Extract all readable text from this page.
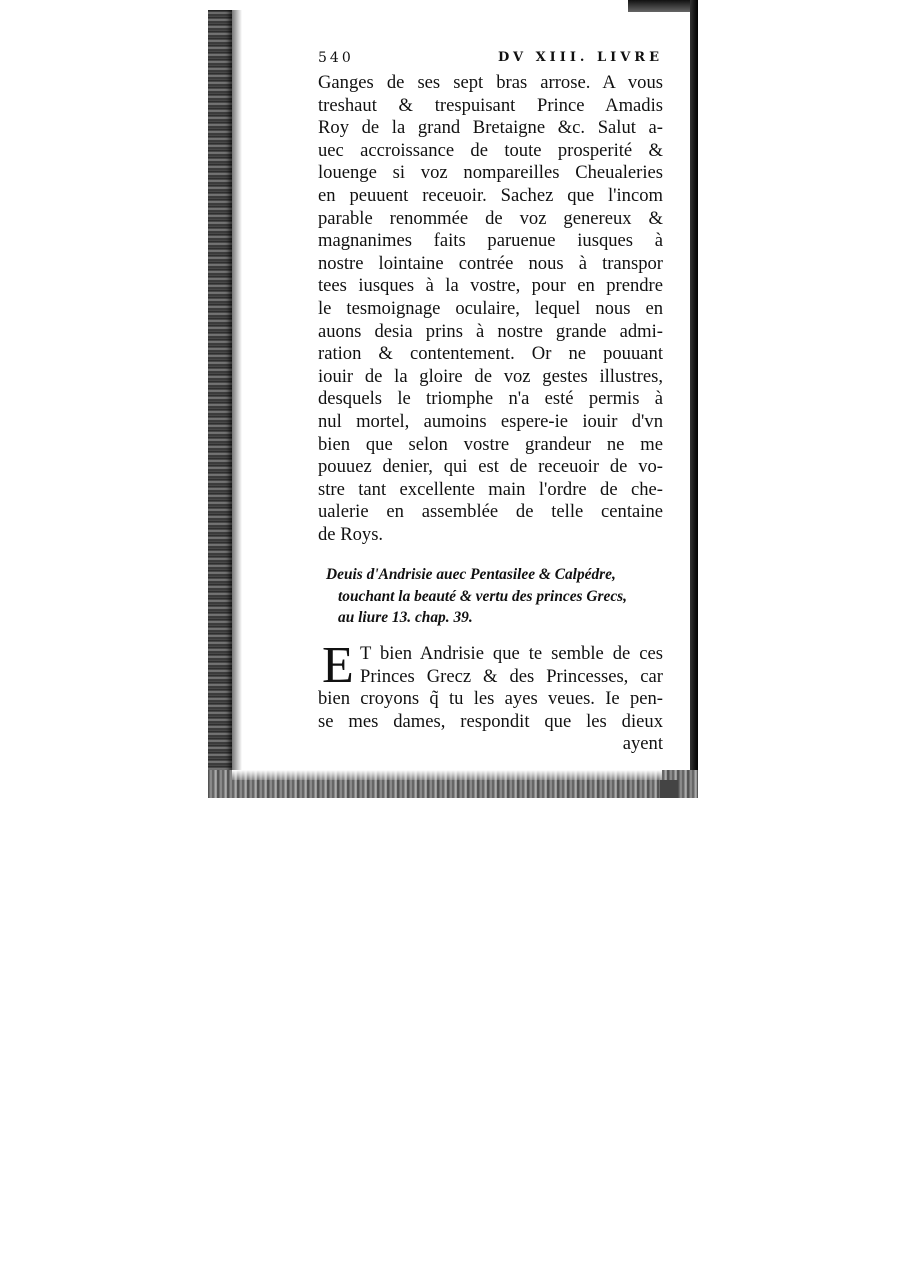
540	DV XIII. LIVRE
Ganges de ses sept bras arrose. A vous
treshaut & trespuisant Prince Amadis
Roy de la grand Bretaigne &c. Salut a-
uec accroissance de toute prosperité &
louenge si voz nompareilles Cheualeries
en peuuent receuoir. Sachez que l'incom
parable renommée de voz genereux &
magnanimes faits paruenue iusques à
nostre lointaine contrée nous à transpor
tees iusques à la vostre, pour en prendre
le tesmoignage oculaire, lequel nous en
auons desia prins à nostre grande admi-
ration & contentement. Or ne pouuant
iouir de la gloire de voz gestes illustres,
desquels le triomphe n'a esté permis à
nul mortel, aumoins espere-ie iouir d'vn
bien que selon vostre grandeur ne me
pouuez denier, qui est de receuoir de vo-
stre tant excellente main l'ordre de che-
ualerie en assemblée de telle centaine
de Roys.
Deuis d'Andrisie auec Pentasilee & Calpédre,
touchant la beauté & vertu des princes Grecs,
au liure 13. chap. 39.
E T bien Andrisie que te semble de ces
Princes Grecz & des Princesses, car
bien croyons q̃ tu les ayes veues. Ie pen-
se mes dames, respondit que les dieux
ayent
